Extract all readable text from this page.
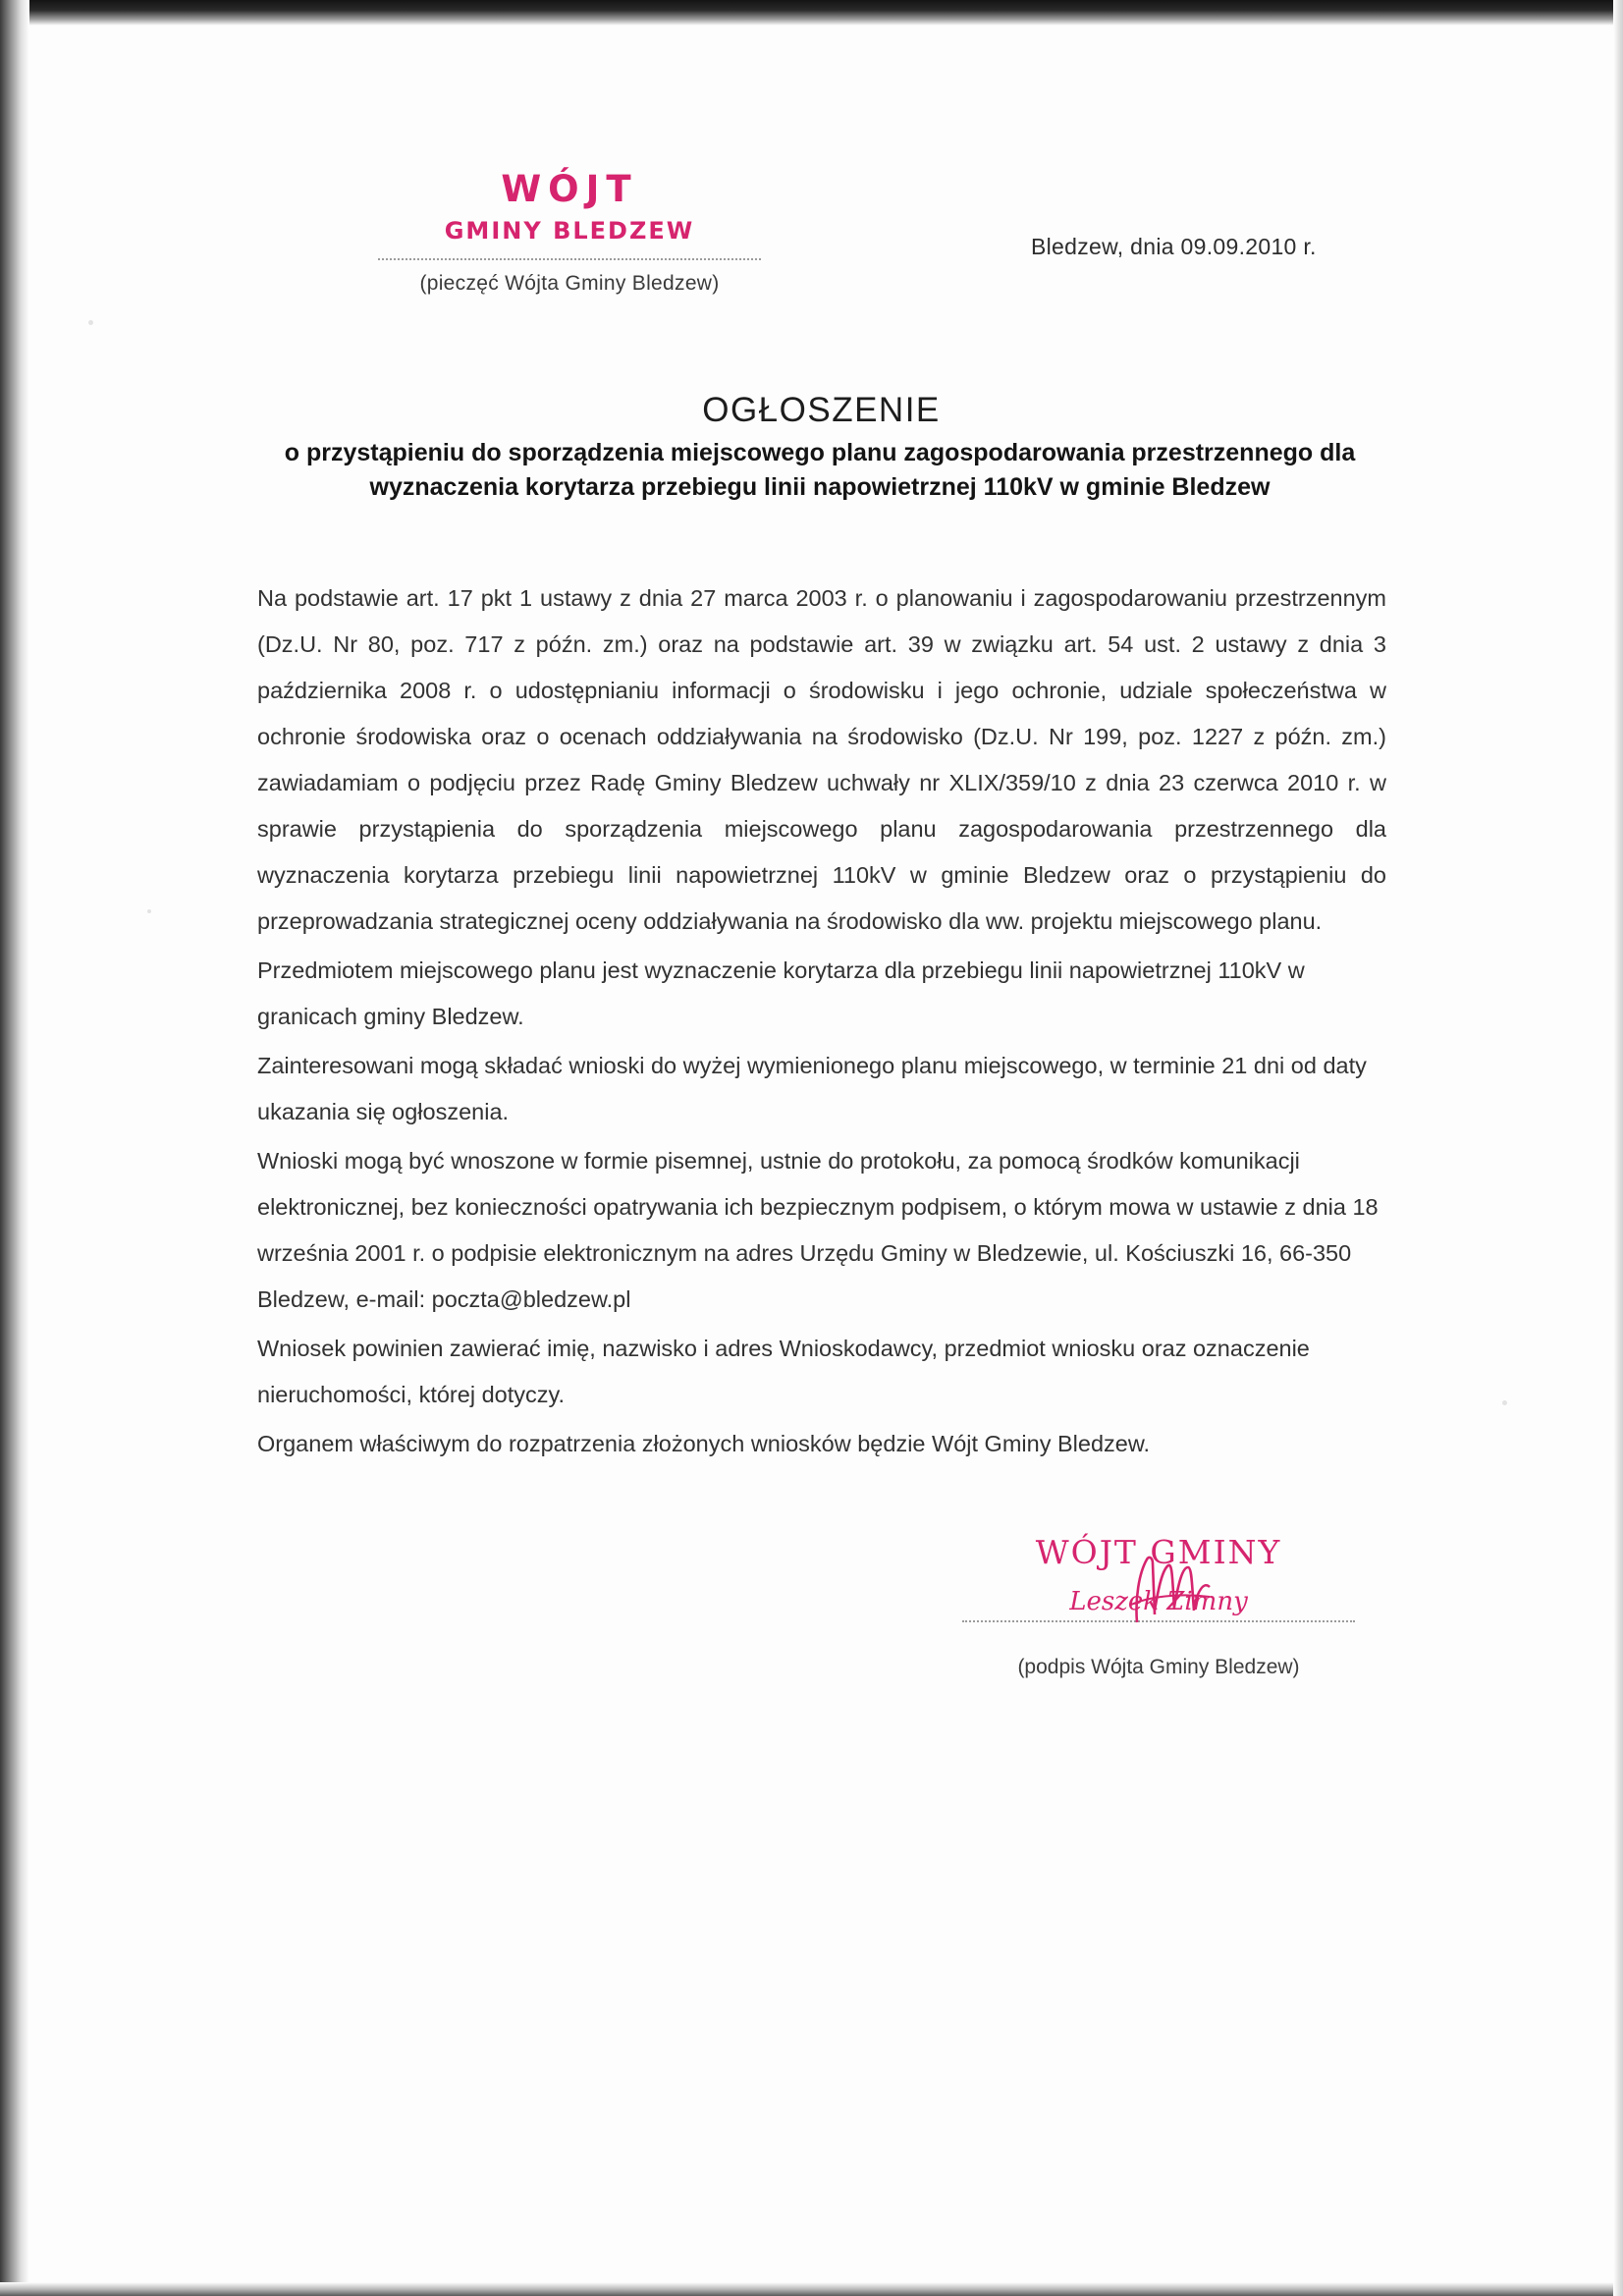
WÓJT
GMINY BLEDZEW
(pieczęć Wójta Gminy Bledzew)
Bledzew, dnia 09.09.2010 r.
OGŁOSZENIE
o przystąpieniu do sporządzenia miejscowego planu zagospodarowania przestrzennego dla wyznaczenia korytarza przebiegu linii napowietrznej 110kV w gminie Bledzew

Na podstawie art. 17 pkt 1 ustawy z dnia 27 marca 2003 r. o planowaniu i zagospodarowaniu przestrzennym (Dz.U. Nr 80, poz. 717 z późn. zm.) oraz na podstawie art. 39 w związku art. 54 ust. 2 ustawy z dnia 3 października 2008 r. o udostępnianiu informacji o środowisku i jego ochronie, udziale społeczeństwa w ochronie środowiska oraz o ocenach oddziaływania na środowisko (Dz.U. Nr 199, poz. 1227 z późn. zm.) zawiadamiam o podjęciu przez Radę Gminy Bledzew uchwały nr XLIX/359/10 z dnia 23 czerwca 2010 r. w sprawie przystąpienia do sporządzenia miejscowego planu zagospodarowania przestrzennego dla wyznaczenia korytarza przebiegu linii napowietrznej 110kV w gminie Bledzew oraz o przystąpieniu do przeprowadzania strategicznej oceny oddziaływania na środowisko dla ww. projektu miejscowego planu.

Przedmiotem miejscowego planu jest wyznaczenie korytarza dla przebiegu linii napowietrznej 110kV w granicach gminy Bledzew.

Zainteresowani mogą składać wnioski do wyżej wymienionego planu miejscowego, w terminie 21 dni od daty ukazania się ogłoszenia.

Wnioski mogą być wnoszone w formie pisemnej, ustnie do protokołu, za pomocą środków komunikacji elektronicznej, bez konieczności opatrywania ich bezpiecznym podpisem, o którym mowa w ustawie z dnia 18 września 2001 r. o podpisie elektronicznym na adres Urzędu Gminy w Bledzewie, ul. Kościuszki 16, 66-350 Bledzew, e-mail: poczta@bledzew.pl

Wniosek powinien zawierać imię, nazwisko i adres Wnioskodawcy, przedmiot wniosku oraz oznaczenie nieruchomości, której dotyczy.

Organem właściwym do rozpatrzenia złożonych wniosków będzie Wójt Gminy Bledzew.

WÓJT GMINY
Leszek Zimny
(podpis Wójta Gminy Bledzew)
